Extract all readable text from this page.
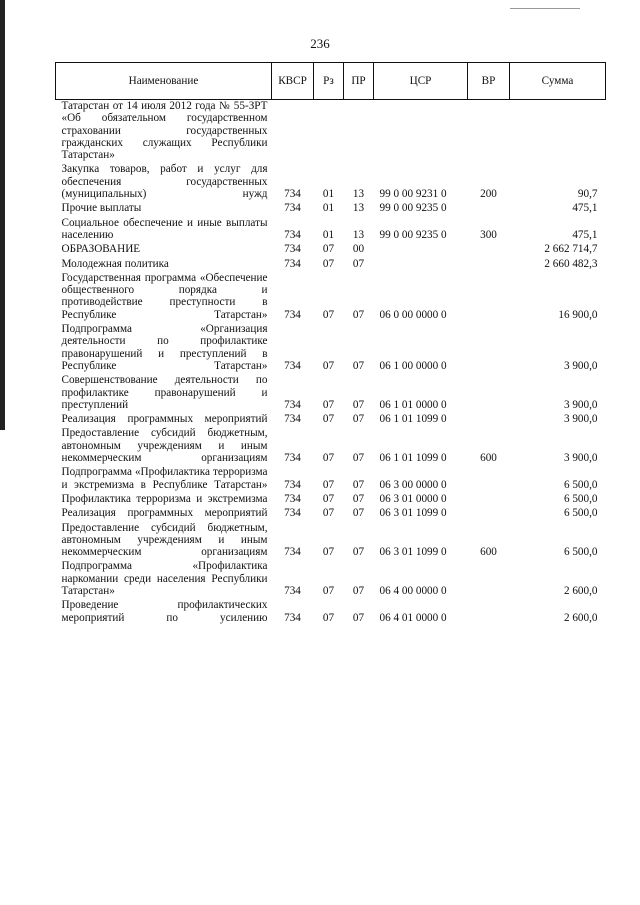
236
Наименование	КВСР	Рз	ПР	ЦСР	ВР	Сумма
Татарстан от 14 июля 2012 года № 55-ЗРТ «Об обязательном государственном страховании государственных гражданских служащих Республики Татарстан»						
Закупка товаров, работ и услуг для обеспечения государственных (муниципальных) нужд	734	01	13	99 0 00 9231 0	200	90,7
Прочие выплаты	734	01	13	99 0 00 9235 0		475,1
Социальное обеспечение и иные выплаты населению	734	01	13	99 0 00 9235 0	300	475,1
ОБРАЗОВАНИЕ	734	07	00			2 662 714,7
Молодежная политика	734	07	07			2 660 482,3
Государственная программа «Обеспечение общественного порядка и противодействие преступности в Республике Татарстан»	734	07	07	06 0 00 0000 0		16 900,0
Подпрограмма «Организация деятельности по профилактике правонарушений и преступлений в Республике Татарстан»	734	07	07	06 1 00 0000 0		3 900,0
Совершенствование деятельности по профилактике правонарушений и преступлений	734	07	07	06 1 01 0000 0		3 900,0
Реализация программных мероприятий	734	07	07	06 1 01 1099 0		3 900,0
Предоставление субсидий бюджетным, автономным учреждениям и иным некоммерческим организациям	734	07	07	06 1 01 1099 0	600	3 900,0
Подпрограмма «Профилактика терроризма и экстремизма в Республике Татарстан»	734	07	07	06 3 00 0000 0		6 500,0
Профилактика терроризма и экстремизма	734	07	07	06 3 01 0000 0		6 500,0
Реализация программных мероприятий	734	07	07	06 3 01 1099 0		6 500,0
Предоставление субсидий бюджетным, автономным учреждениям и иным некоммерческим организациям	734	07	07	06 3 01 1099 0	600	6 500,0
Подпрограмма «Профилактика наркомании среди населения Республики Татарстан»	734	07	07	06 4 00 0000 0		2 600,0
Проведение профилактических мероприятий по усилению	734	07	07	06 4 01 0000 0		2 600,0
